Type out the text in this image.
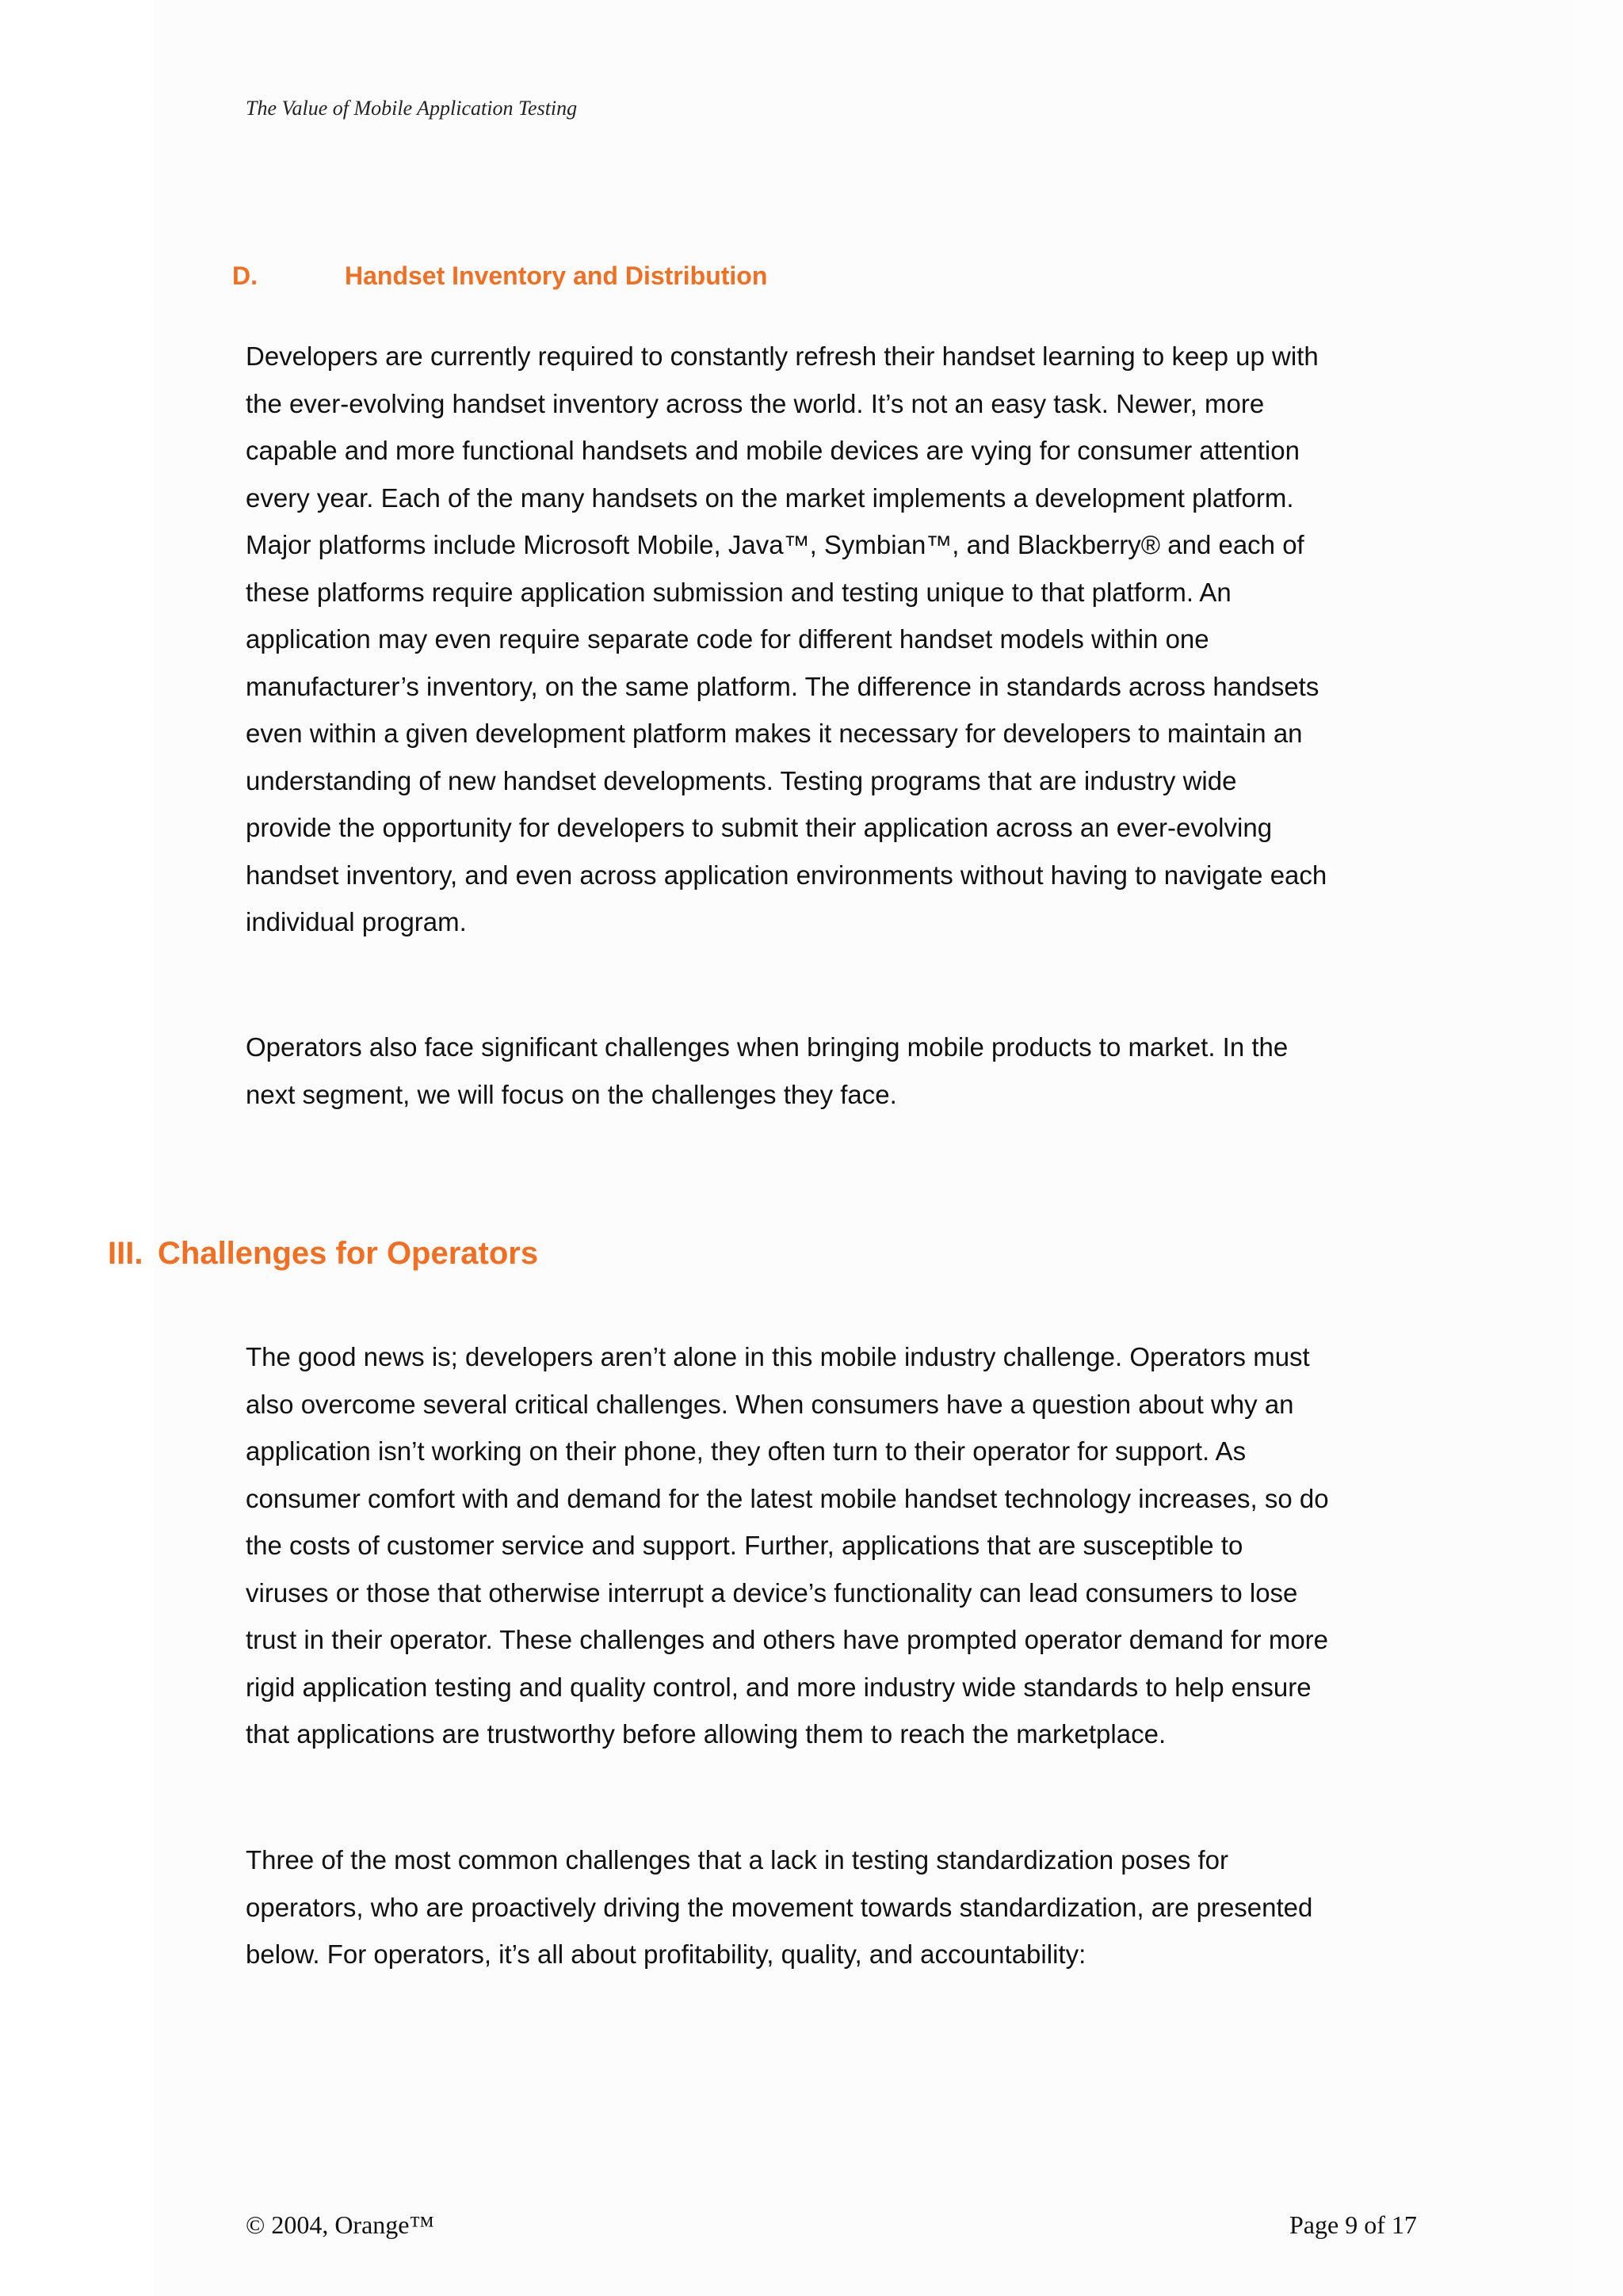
The Value of Mobile Application Testing
D.	Handset Inventory and Distribution

Developers are currently required to constantly refresh their handset learning to keep up with
the ever-evolving handset inventory across the world. It’s not an easy task. Newer, more
capable and more functional handsets and mobile devices are vying for consumer attention
every year. Each of the many handsets on the market implements a development platform.
Major platforms include Microsoft Mobile, Java™, Symbian™, and Blackberry® and each of
these platforms require application submission and testing unique to that platform. An
application may even require separate code for different handset models within one
manufacturer’s inventory, on the same platform. The difference in standards across handsets
even within a given development platform makes it necessary for developers to maintain an
understanding of new handset developments. Testing programs that are industry wide
provide the opportunity for developers to submit their application across an ever-evolving
handset inventory, and even across application environments without having to navigate each
individual program.

Operators also face significant challenges when bringing mobile products to market. In the
next segment, we will focus on the challenges they face.

III. Challenges for Operators

The good news is; developers aren’t alone in this mobile industry challenge. Operators must
also overcome several critical challenges. When consumers have a question about why an
application isn’t working on their phone, they often turn to their operator for support. As
consumer comfort with and demand for the latest mobile handset technology increases, so do
the costs of customer service and support. Further, applications that are susceptible to
viruses or those that otherwise interrupt a device’s functionality can lead consumers to lose
trust in their operator. These challenges and others have prompted operator demand for more
rigid application testing and quality control, and more industry wide standards to help ensure
that applications are trustworthy before allowing them to reach the marketplace.

Three of the most common challenges that a lack in testing standardization poses for
operators, who are proactively driving the movement towards standardization, are presented
below. For operators, it’s all about profitability, quality, and accountability:

© 2004, Orange™	Page 9 of 17
